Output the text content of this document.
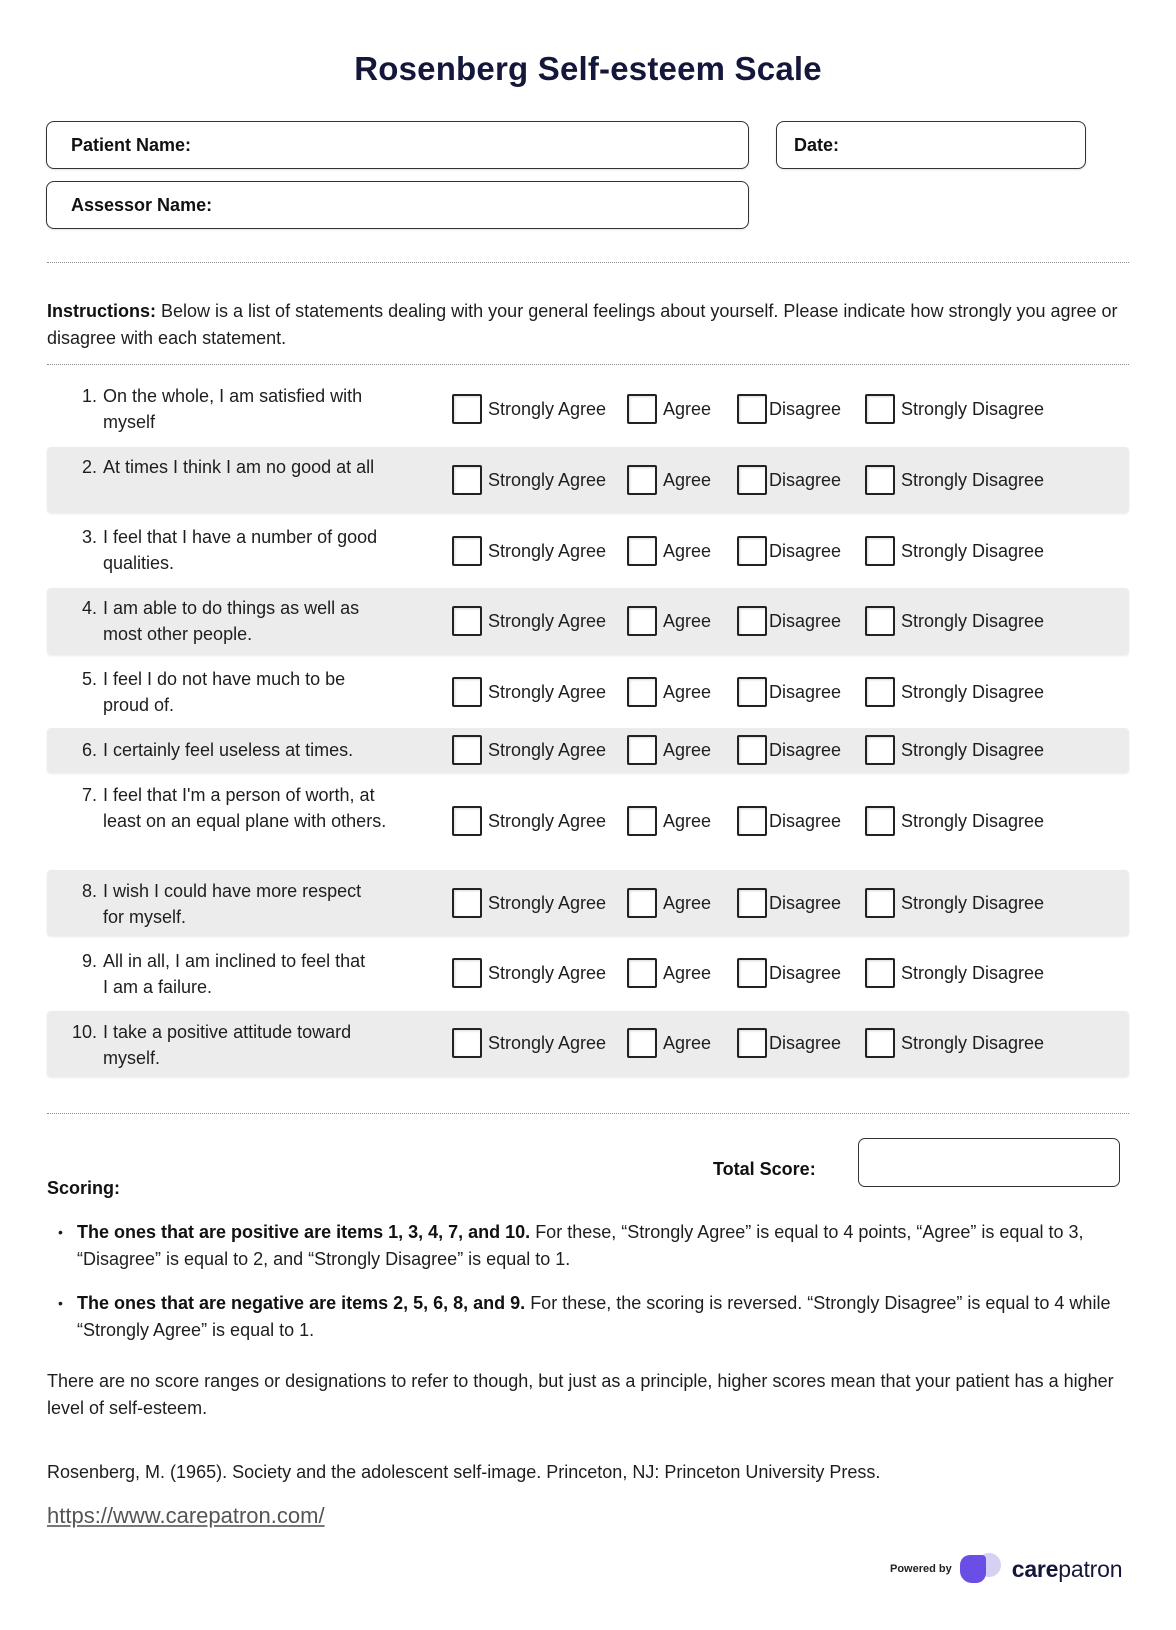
Rosenberg Self-esteem Scale
Patient Name:	Date:
Assessor Name:
Instructions: Below is a list of statements dealing with your general feelings about yourself. Please indicate how strongly you agree or disagree with each statement.
1. On the whole, I am satisfied with myself
Strongly Agree	Agree	Disagree	Strongly Disagree
2. At times I think I am no good at all
Strongly Agree	Agree	Disagree	Strongly Disagree
3. I feel that I have a number of good qualities.
Strongly Agree	Agree	Disagree	Strongly Disagree
4. I am able to do things as well as most other people.
Strongly Agree	Agree	Disagree	Strongly Disagree
5. I feel I do not have much to be proud of.
Strongly Agree	Agree	Disagree	Strongly Disagree
6. I certainly feel useless at times.	Strongly Agree	Agree	Disagree	Strongly Disagree
7. I feel that I'm a person of worth, at least on an equal plane with others.	Strongly Agree	Agree	Disagree	Strongly Disagree
8. I wish I could have more respect for myself.
Strongly Agree	Agree	Disagree	Strongly Disagree
9. All in all, I am inclined to feel that I am a failure.
Strongly Agree	Agree	Disagree	Strongly Disagree
10. I take a positive attitude toward myself.
Strongly Agree	Agree	Disagree	Strongly Disagree
Total Score:
Scoring:
• The ones that are positive are items 1, 3, 4, 7, and 10. For these, “Strongly Agree” is equal to 4 points, “Agree” is equal to 3, “Disagree” is equal to 2, and “Strongly Disagree” is equal to 1.
• The ones that are negative are items 2, 5, 6, 8, and 9. For these, the scoring is reversed. “Strongly Disagree” is equal to 4 while “Strongly Agree” is equal to 1.
There are no score ranges or designations to refer to though, but just as a principle, higher scores mean that your patient has a higher level of self-esteem.
Rosenberg, M. (1965). Society and the adolescent self-image. Princeton, NJ: Princeton University Press.
https://www.carepatron.com/
Powered by	carepatron
